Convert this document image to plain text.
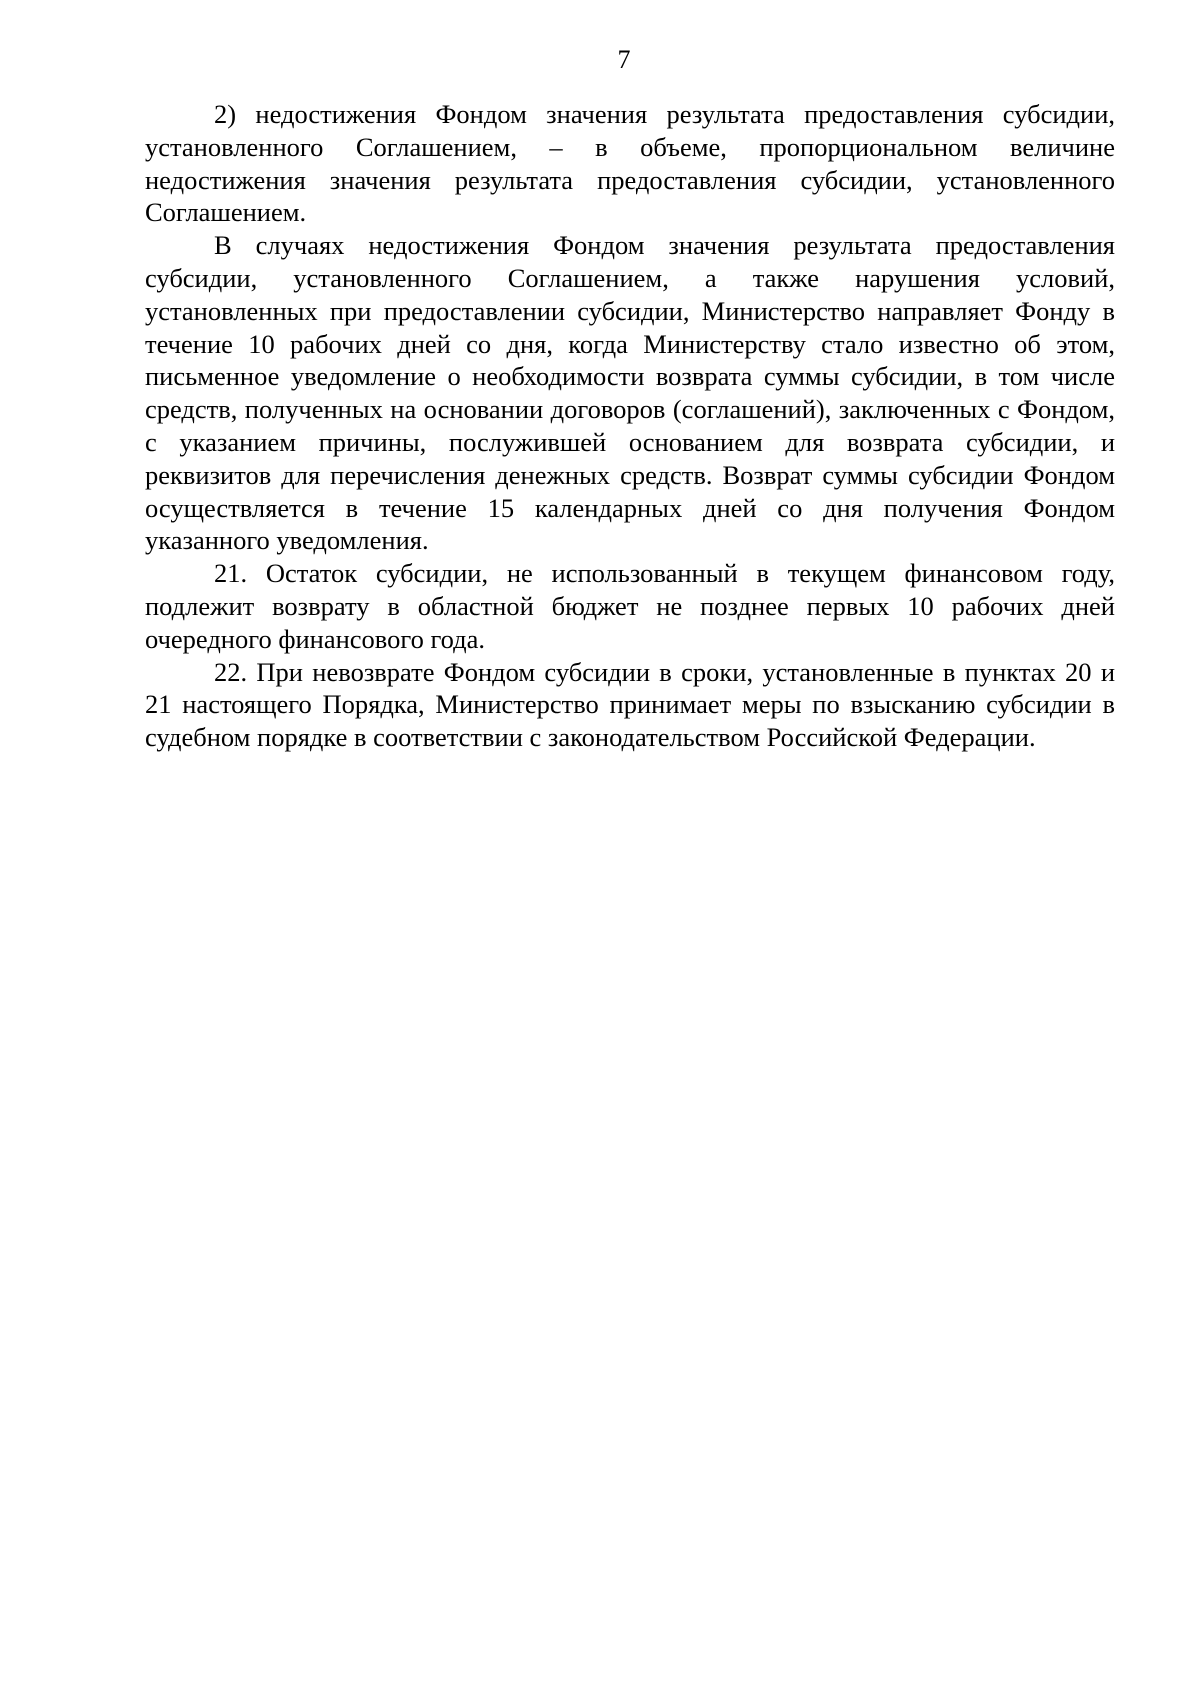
7

2) недостижения Фондом значения результата предоставления субсидии, установленного Соглашением, – в объеме, пропорциональном величине недостижения значения результата предоставления субсидии, установленного Соглашением.

В случаях недостижения Фондом значения результата предоставления субсидии, установленного Соглашением, а также нарушения условий, установленных при предоставлении субсидии, Министерство направляет Фонду в течение 10 рабочих дней со дня, когда Министерству стало известно об этом, письменное уведомление о необходимости возврата суммы субсидии, в том числе средств, полученных на основании договоров (соглашений), заключенных с Фондом, с указанием причины, послужившей основанием для возврата субсидии, и реквизитов для перечисления денежных средств. Возврат суммы субсидии Фондом осуществляется в течение 15 календарных дней со дня получения Фондом указанного уведомления.

21. Остаток субсидии, не использованный в текущем финансовом году, подлежит возврату в областной бюджет не позднее первых 10 рабочих дней очередного финансового года.

22. При невозврате Фондом субсидии в сроки, установленные в пунктах 20 и 21 настоящего Порядка, Министерство принимает меры по взысканию субсидии в судебном порядке в соответствии с законодательством Российской Федерации.
